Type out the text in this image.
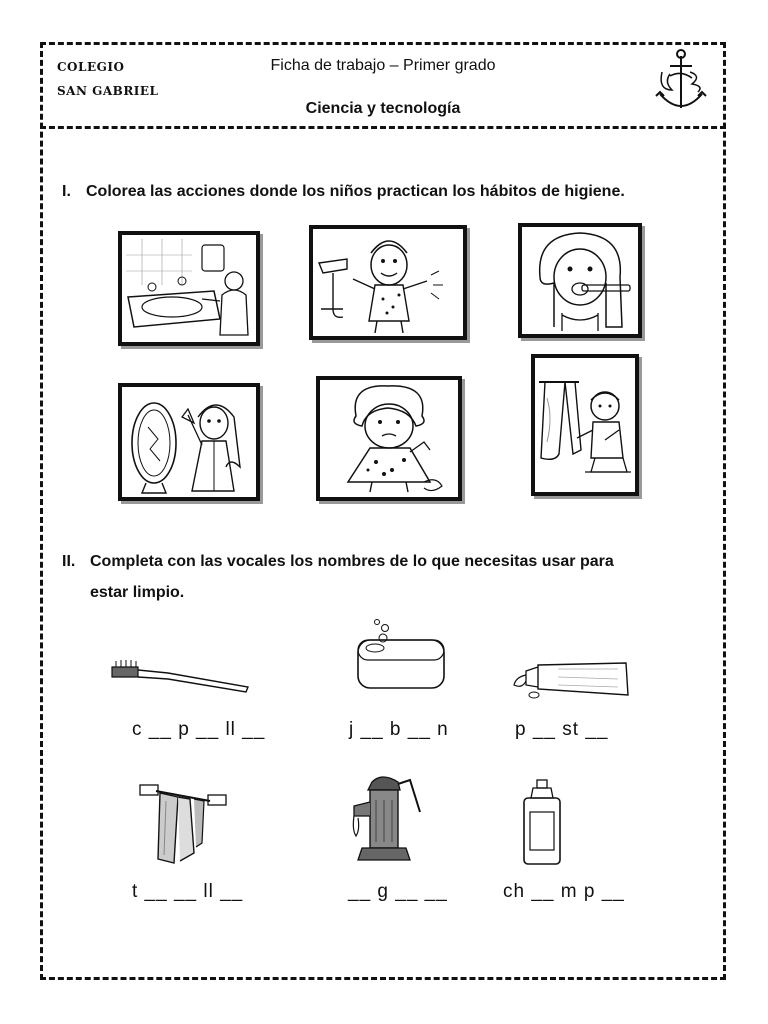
COLEGIO
SAN GABRIEL
Ficha de trabajo – Primer grado
Ciencia y tecnología
I. Colorea las acciones donde los niños practican los hábitos de higiene.
II. Completa con las vocales los nombres de lo que necesitas usar para
estar limpio.
c __ p __ ll __	j __ b __ n	p __ st __
t __ __ ll __	__ g __ __	ch __ m p __
